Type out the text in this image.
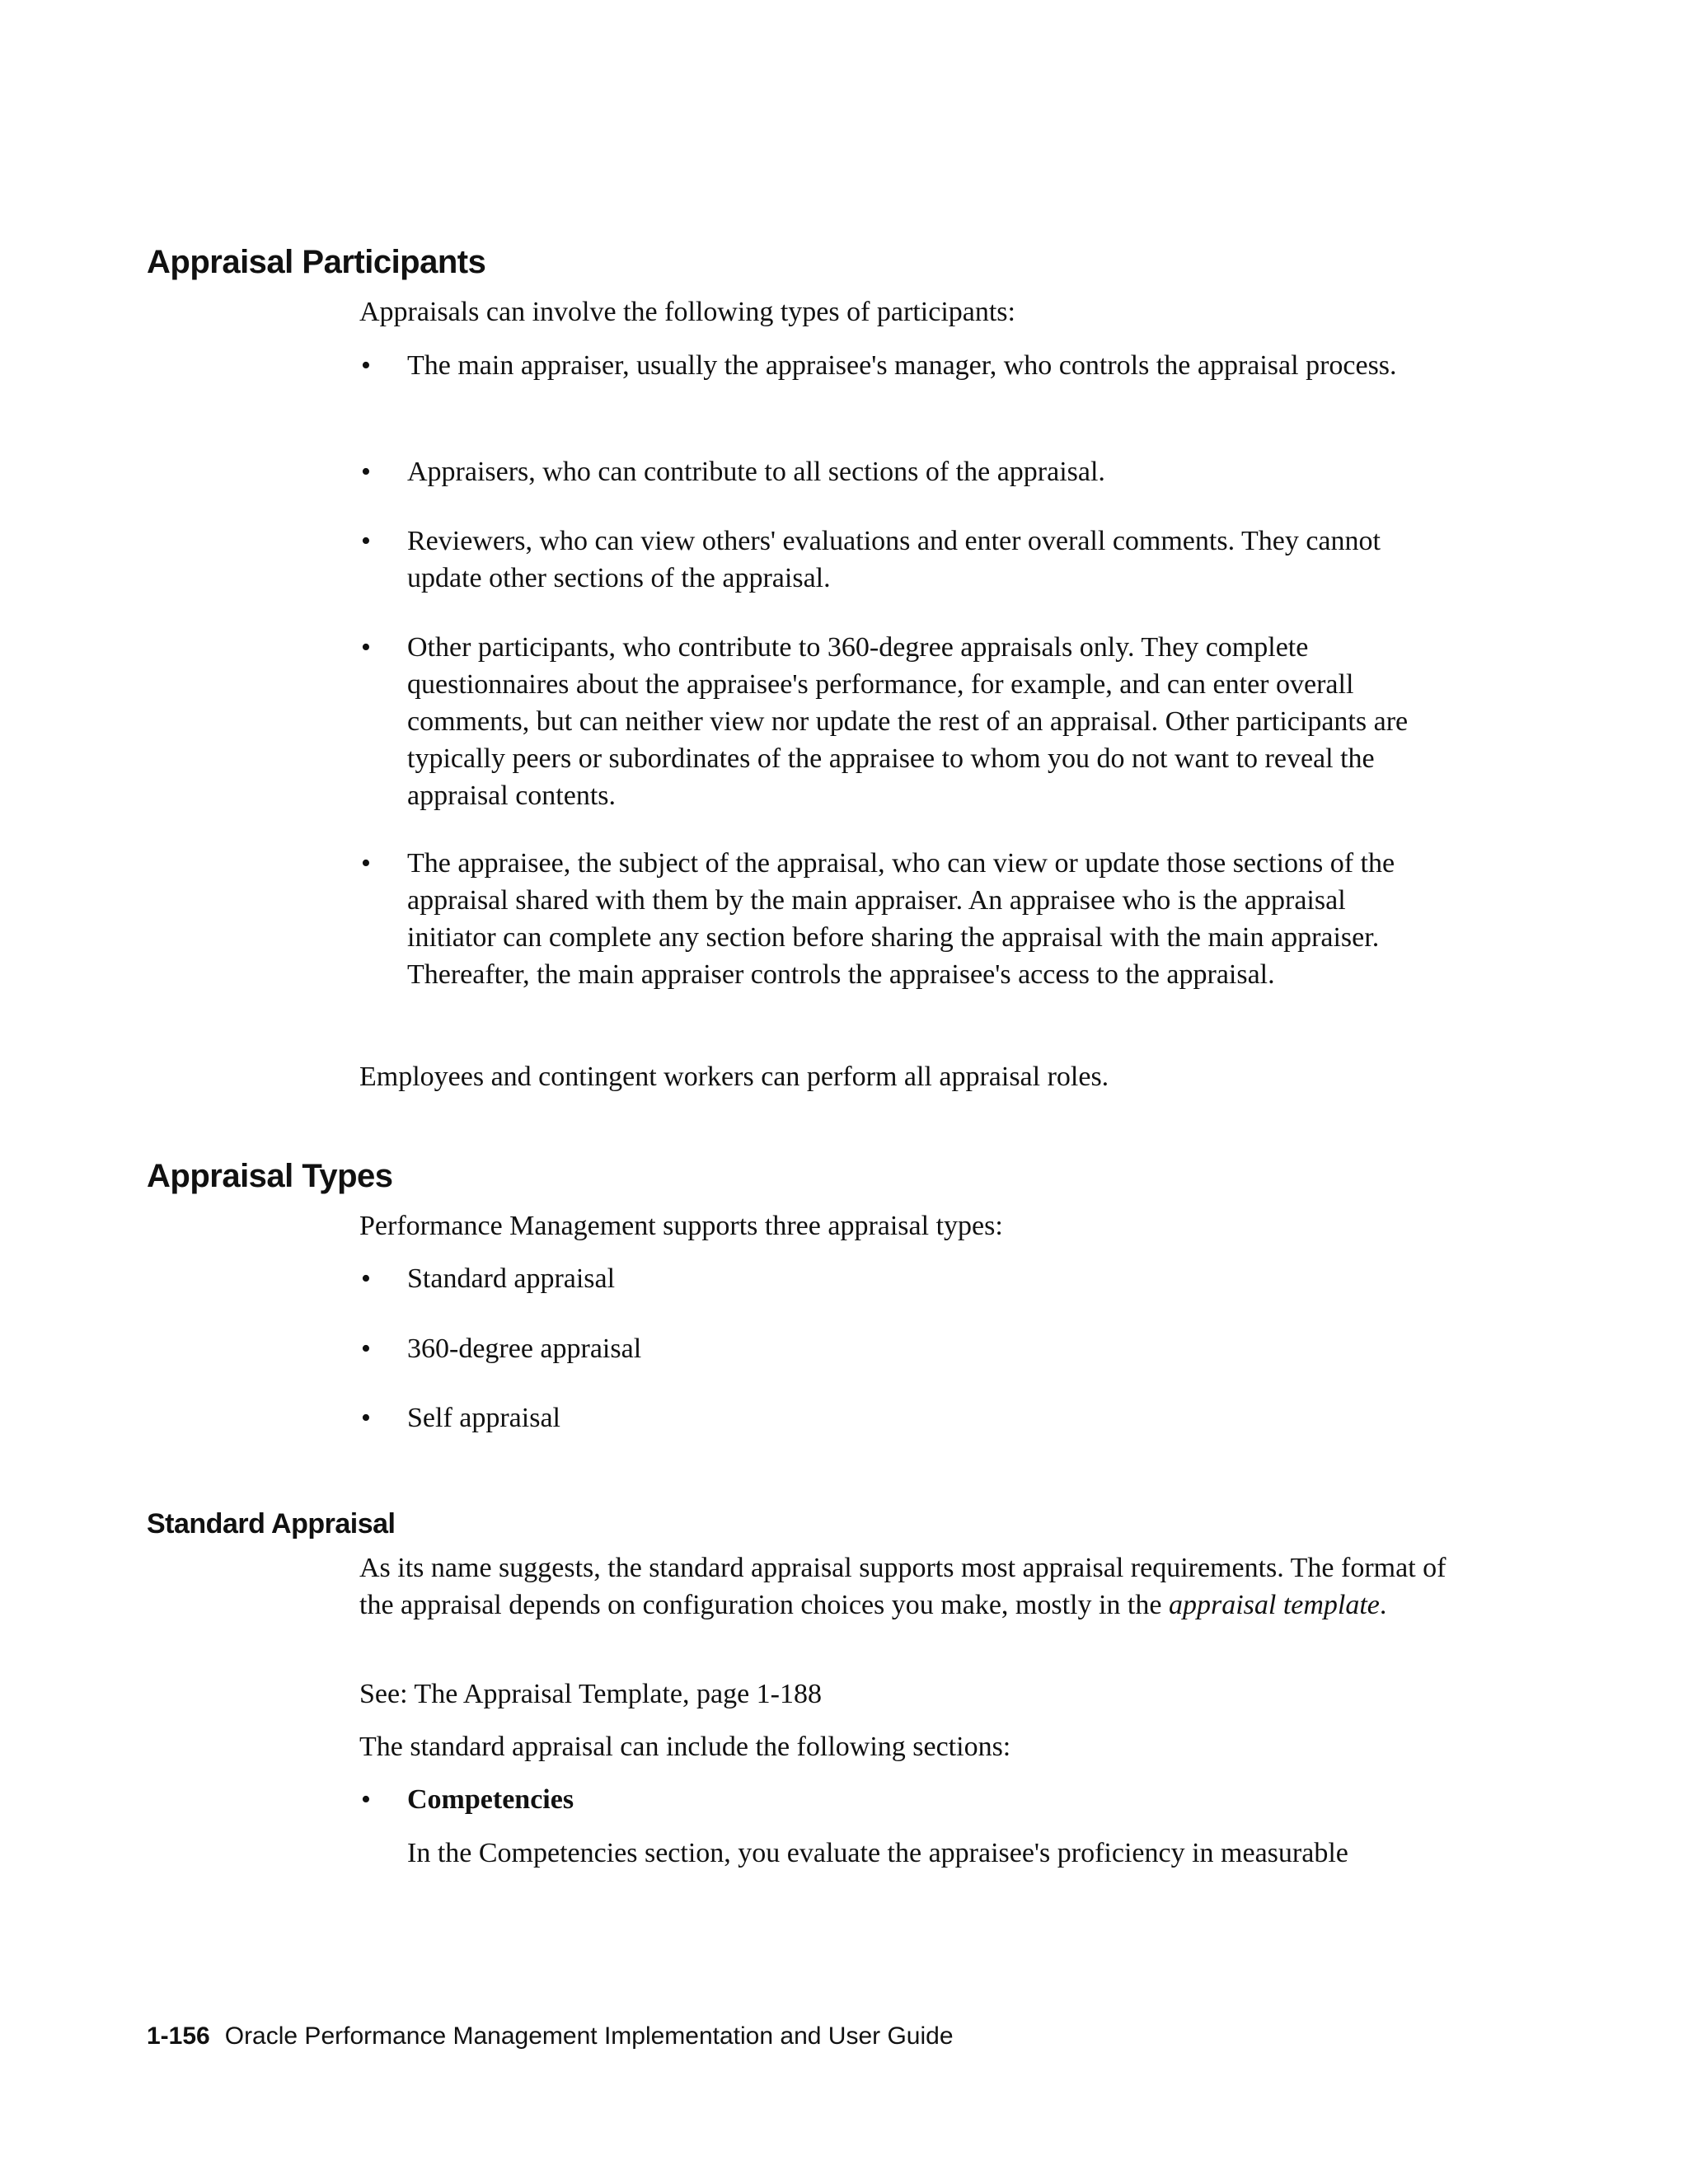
Appraisal Participants

Appraisals can involve the following types of participants:

•	The main appraiser, usually the appraisee's manager, who controls the appraisal process.
•	Appraisers, who can contribute to all sections of the appraisal.
•	Reviewers, who can view others' evaluations and enter overall comments. They cannot update other sections of the appraisal.
•	Other participants, who contribute to 360-degree appraisals only. They complete questionnaires about the appraisee's performance, for example, and can enter overall comments, but can neither view nor update the rest of an appraisal. Other participants are typically peers or subordinates of the appraisee to whom you do not want to reveal the appraisal contents.
•	The appraisee, the subject of the appraisal, who can view or update those sections of the appraisal shared with them by the main appraiser. An appraisee who is the appraisal initiator can complete any section before sharing the appraisal with the main appraiser. Thereafter, the main appraiser controls the appraisee's access to the appraisal.

Employees and contingent workers can perform all appraisal roles.

Appraisal Types

Performance Management supports three appraisal types:

•	Standard appraisal
•	360-degree appraisal
•	Self appraisal
Standard Appraisal

As its name suggests, the standard appraisal supports most appraisal requirements. The format of the appraisal depends on configuration choices you make, mostly in the appraisal template.

See: The Appraisal Template, page 1-188

The standard appraisal can include the following sections:

•	Competencies

In the Competencies section, you evaluate the appraisee's proficiency in measurable

1-156 Oracle Performance Management Implementation and User Guide
